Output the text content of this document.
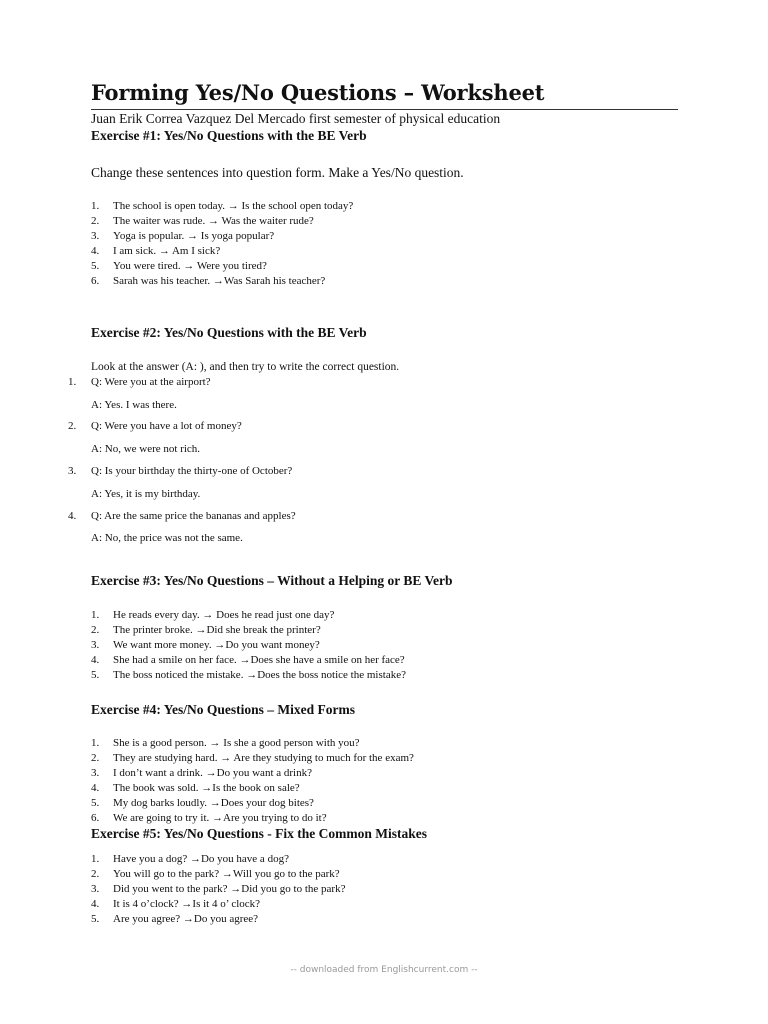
Forming Yes/No Questions – Worksheet
Juan Erik Correa Vazquez Del Mercado first semester of physical education
Exercise #1: Yes/No Questions with the BE Verb
Change these sentences into question form. Make a Yes/No question.
1. The school is open today. → Is the school open today?
2. The waiter was rude. → Was the waiter rude?
3. Yoga is popular. → Is yoga popular?
4. I am sick. → Am I sick?
5. You were tired. → Were you tired?
6. Sarah was his teacher. →Was Sarah his teacher?
Exercise #2: Yes/No Questions with the BE Verb
Look at the answer (A: ), and then try to write the correct question.
1. Q: Were you at the airport?
A: Yes. I was there.
2. Q: Were you have a lot of money?
A: No, we were not rich.
3. Q: Is your birthday the thirty-one of October?
A: Yes, it is my birthday.
4. Q: Are the same price the bananas and apples?
A: No, the price was not the same.
Exercise #3: Yes/No Questions – Without a Helping or BE Verb
1. He reads every day. → Does he read just one day?
2. The printer broke. →Did she break the printer?
3. We want more money. →Do you want money?
4. She had a smile on her face. →Does she have a smile on her face?
5. The boss noticed the mistake. →Does the boss notice the mistake?
Exercise #4: Yes/No Questions – Mixed Forms
1. She is a good person. → Is she a good person with you?
2. They are studying hard. → Are they studying to much for the exam?
3. I don’t want a drink. →Do you want a drink?
4. The book was sold. →Is the book on sale?
5. My dog barks loudly. →Does your dog bites?
6. We are going to try it. →Are you trying to do it?
Exercise #5: Yes/No Questions - Fix the Common Mistakes
1. Have you a dog? →Do you have a dog?
2. You will go to the park? →Will you go to the park?
3. Did you went to the park? →Did you go to the park?
4. It is 4 o’clock? →Is it 4 o’ clock?
5. Are you agree? →Do you agree?
-- downloaded from Englishcurrent.com --
